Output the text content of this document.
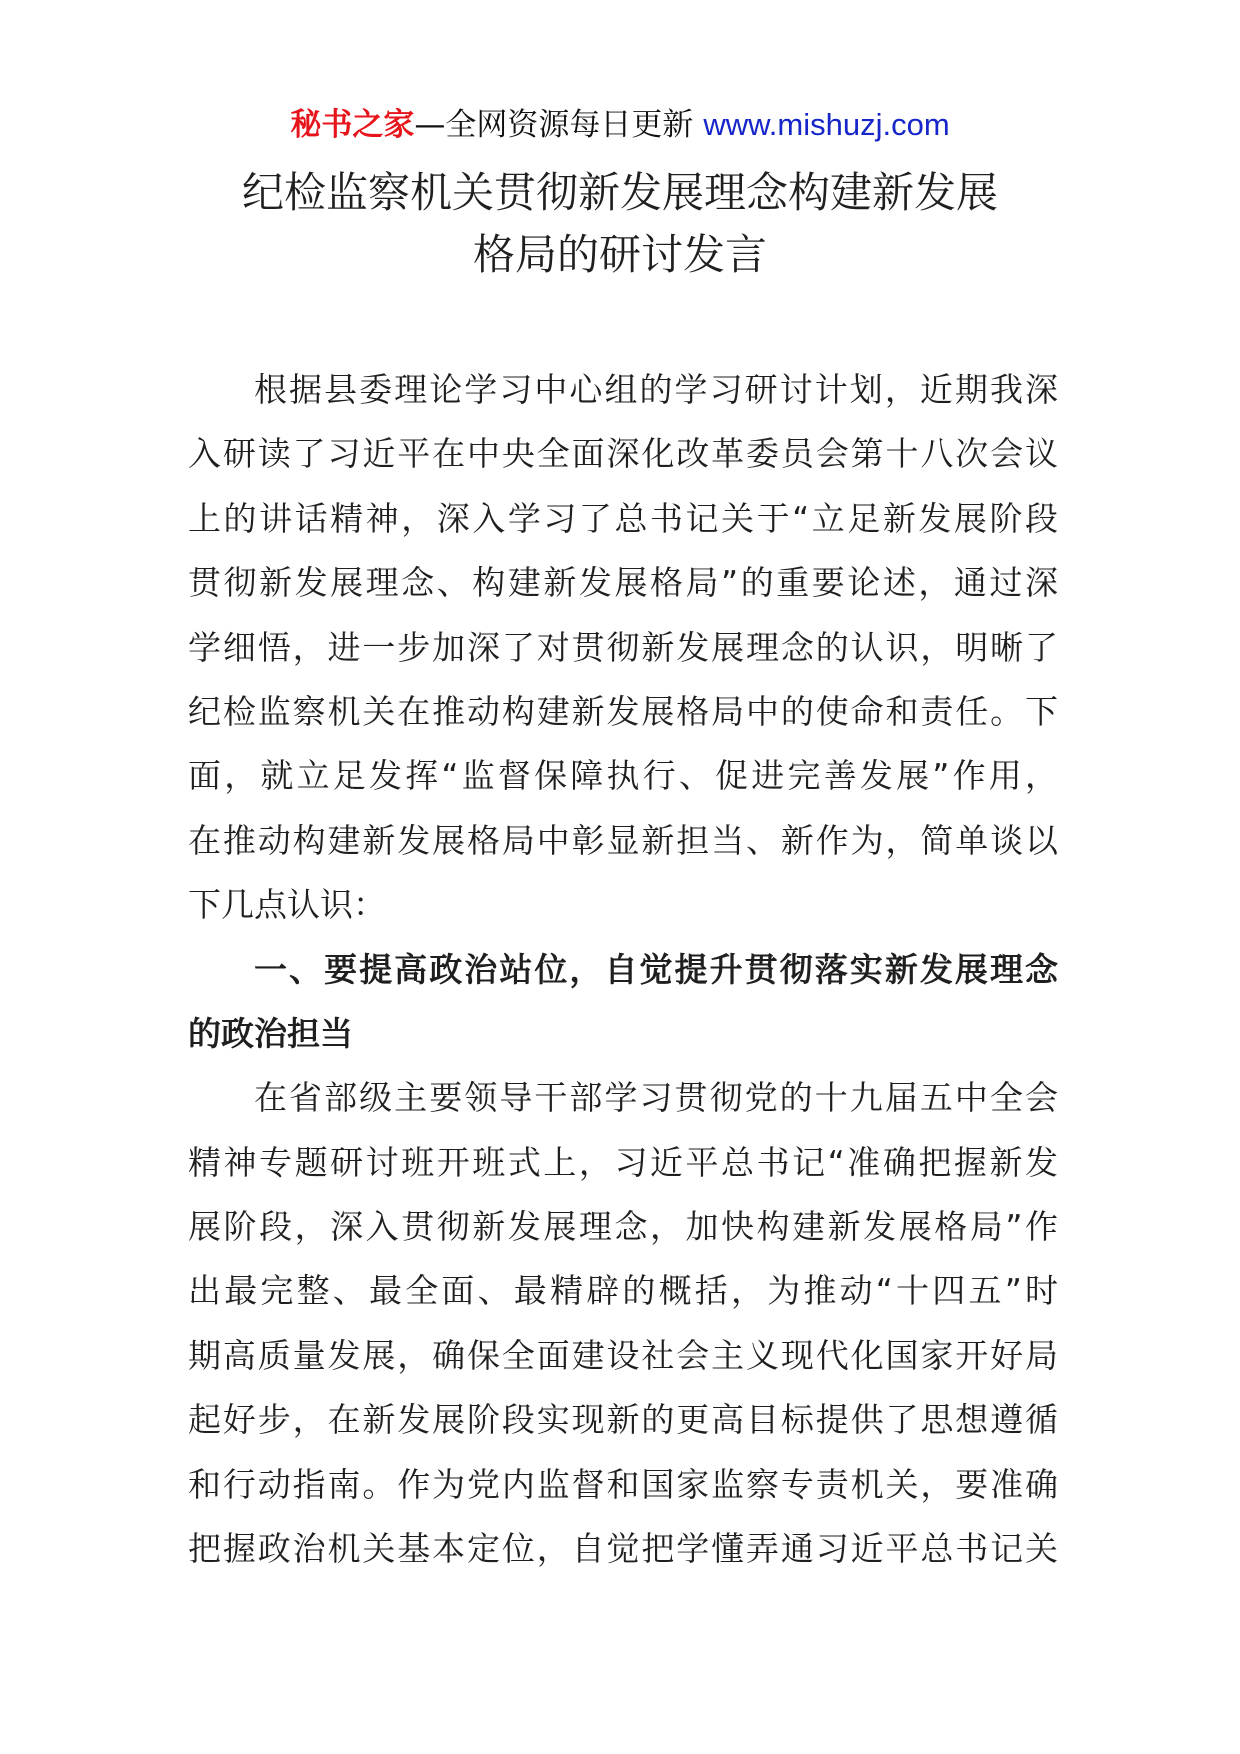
秘书之家—全网资源每日更新 www.mishuzj.com
纪检监察机关贯彻新发展理念构建新发展
格局的研讨发言
根据县委理论学习中心组的学习研讨计划，近期我深
入研读了习近平在中央全面深化改革委员会第十八次会议
上的讲话精神，深入学习了总书记关于“立足新发展阶段
贯彻新发展理念、构建新发展格局”的重要论述，通过深
学细悟，进一步加深了对贯彻新发展理念的认识，明晰了
纪检监察机关在推动构建新发展格局中的使命和责任。下
面，就立足发挥“监督保障执行、促进完善发展”作用，
在推动构建新发展格局中彰显新担当、新作为，简单谈以
下几点认识：
一、要提高政治站位，自觉提升贯彻落实新发展理念
的政治担当
在省部级主要领导干部学习贯彻党的十九届五中全会
精神专题研讨班开班式上，习近平总书记“准确把握新发
展阶段，深入贯彻新发展理念，加快构建新发展格局”作
出最完整、最全面、最精辟的概括，为推动“十四五”时
期高质量发展，确保全面建设社会主义现代化国家开好局
起好步，在新发展阶段实现新的更高目标提供了思想遵循
和行动指南。作为党内监督和国家监察专责机关，要准确
把握政治机关基本定位，自觉把学懂弄通习近平总书记关
